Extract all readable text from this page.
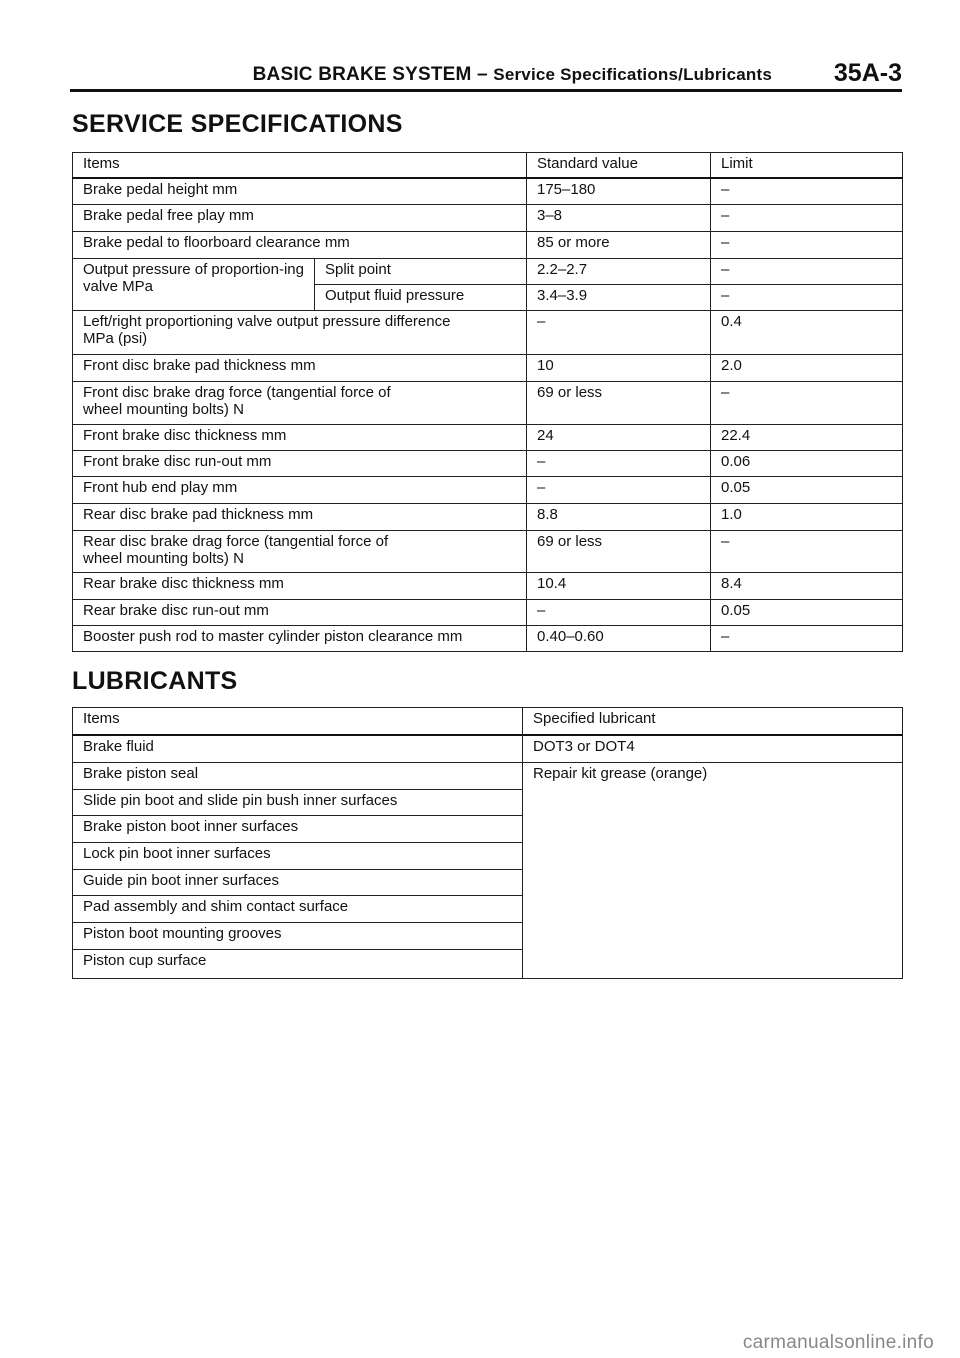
BASIC BRAKE SYSTEM – Service Specifications/Lubricants 35A-3
SERVICE SPECIFICATIONS
Items		Standard value	Limit
Brake pedal height mm		175–180	–
Brake pedal free play mm		3–8	–
Brake pedal to floorboard clearance mm		85 or more	–
Output pressure of proportion-ing valve MPa	Split point	2.2–2.7	–
	Output fluid pressure	3.4–3.9	–
Left/right proportioning valve output pressure difference MPa (psi)		–	0.4
Front disc brake pad thickness mm		10	2.0
Front disc brake drag force (tangential force of wheel mounting bolts) N		69 or less	–
Front brake disc thickness mm		24	22.4
Front brake disc run-out mm		–	0.06
Front hub end play mm		–	0.05
Rear disc brake pad thickness mm		8.8	1.0
Rear disc brake drag force (tangential force of wheel mounting bolts) N		69 or less	–
Rear brake disc thickness mm		10.4	8.4
Rear brake disc run-out mm		–	0.05
Booster push rod to master cylinder piston clearance mm		0.40–0.60	–
LUBRICANTS
Items	Specified lubricant
Brake fluid	DOT3 or DOT4
Brake piston seal	Repair kit grease (orange)
Slide pin boot and slide pin bush inner surfaces	
Brake piston boot inner surfaces	
Lock pin boot inner surfaces	
Guide pin boot inner surfaces	
Pad assembly and shim contact surface	
Piston boot mounting grooves	
Piston cup surface	
carmanualsonline.info
